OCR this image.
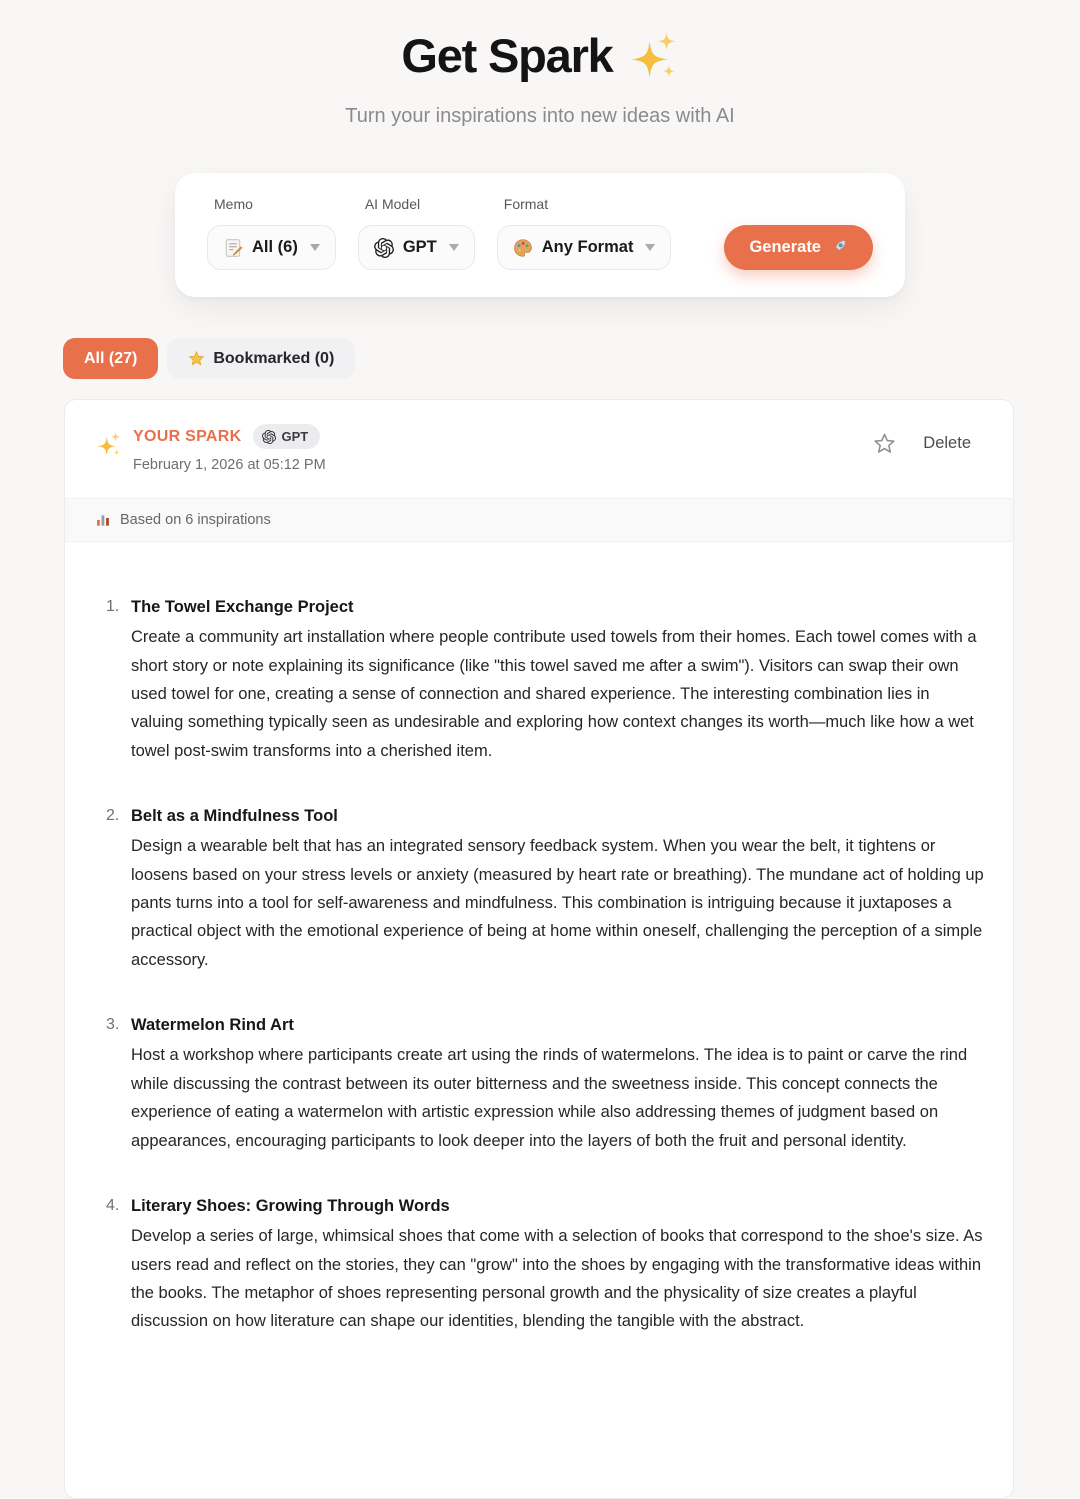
Get Spark

Turn your inspirations into new ideas with AI

Memo
All (6)
AI Model
GPT
Format
Any Format	Generate
All (27)	Bookmarked (0)
YOUR SPARK	GPT
February 1, 2026 at 05:12 PM
Delete
Based on 6 inspirations
1. The Towel Exchange Project
Create a community art installation where people contribute used towels from their homes. Each towel comes with a short story or note explaining its significance (like "this towel saved me after a swim"). Visitors can swap their own used towel for one, creating a sense of connection and shared experience. The interesting combination lies in valuing something typically seen as undesirable and exploring how context changes its worth—much like how a wet towel post-swim transforms into a cherished item.
2. Belt as a Mindfulness Tool
Design a wearable belt that has an integrated sensory feedback system. When you wear the belt, it tightens or loosens based on your stress levels or anxiety (measured by heart rate or breathing). The mundane act of holding up pants turns into a tool for self-awareness and mindfulness. This combination is intriguing because it juxtaposes a practical object with the emotional experience of being at home within oneself, challenging the perception of a simple accessory.
3. Watermelon Rind Art
Host a workshop where participants create art using the rinds of watermelons. The idea is to paint or carve the rind while discussing the contrast between its outer bitterness and the sweetness inside. This concept connects the experience of eating a watermelon with artistic expression while also addressing themes of judgment based on appearances, encouraging participants to look deeper into the layers of both the fruit and personal identity.
4. Literary Shoes: Growing Through Words
Develop a series of large, whimsical shoes that come with a selection of books that correspond to the shoe's size. As users read and reflect on the stories, they can "grow" into the shoes by engaging with the transformative ideas within the books. The metaphor of shoes representing personal growth and the physicality of size creates a playful discussion on how literature can shape our identities, blending the tangible with the abstract.
